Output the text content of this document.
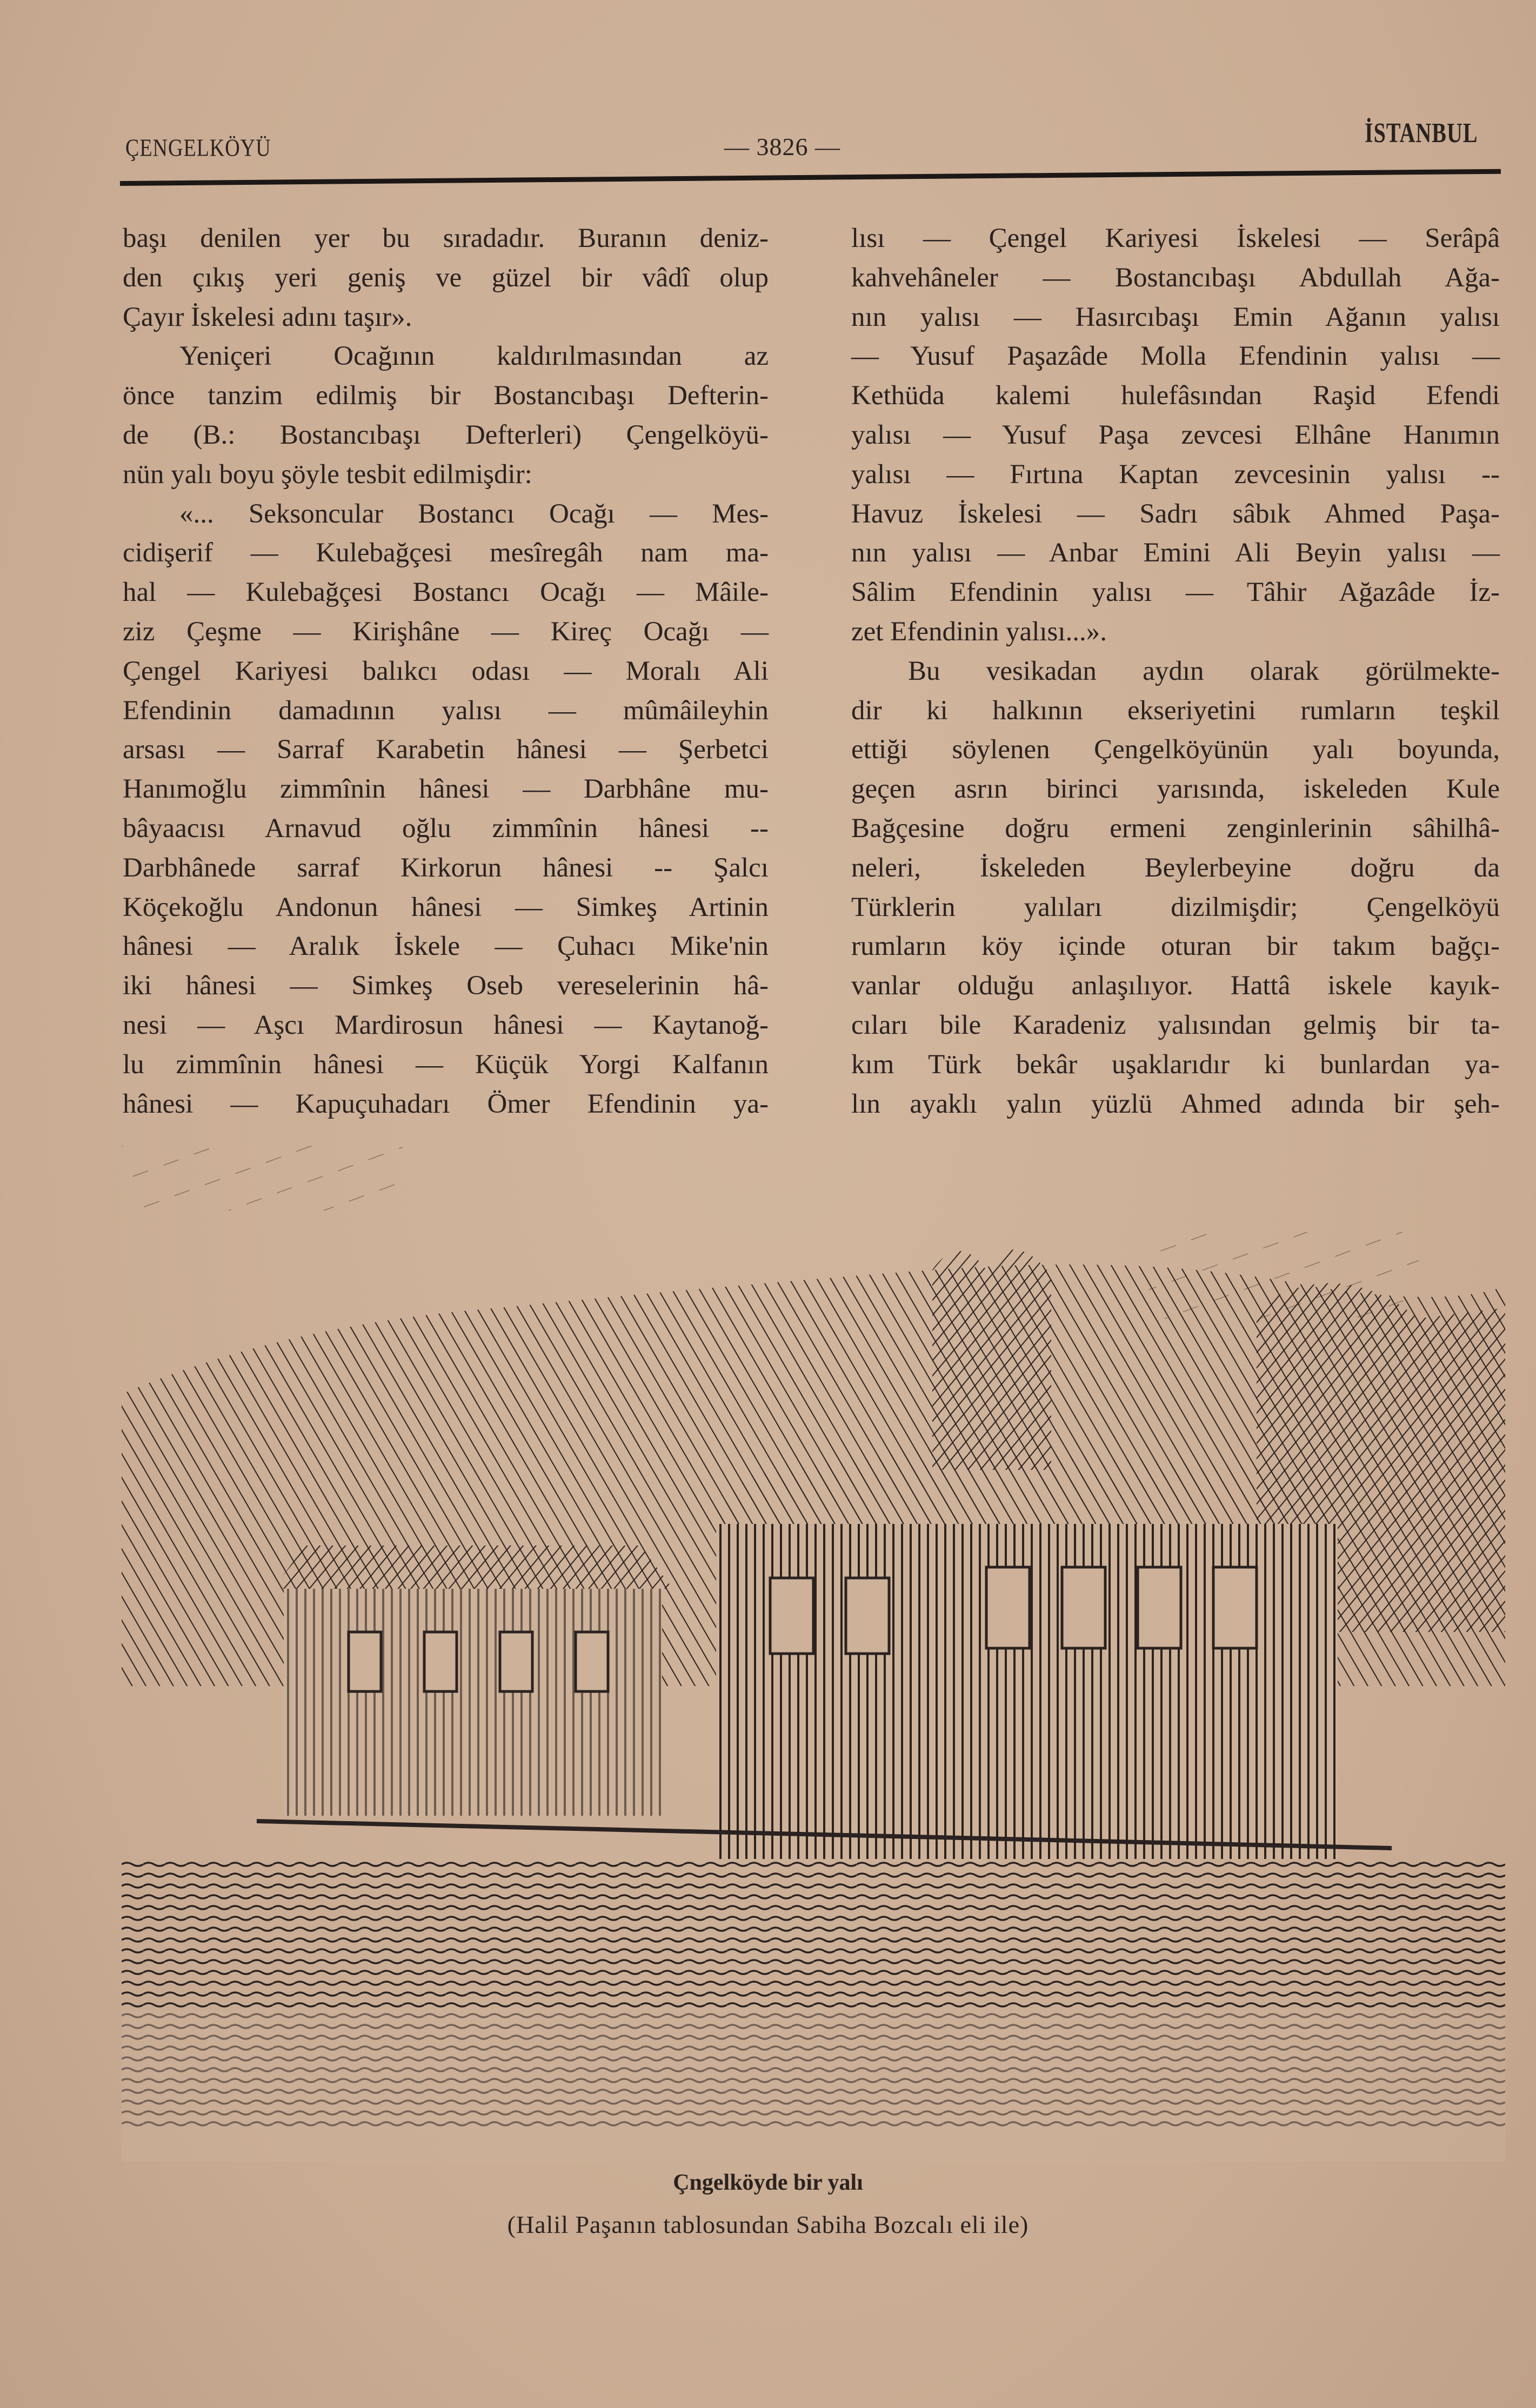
ÇENGELKÖYÜ	— 3826 —	İSTANBUL
başı denilen yer bu sıradadır. Buranın deniz-
den çıkış yeri geniş ve güzel bir vâdî olup
Çayır İskelesi adını taşır».
Yeniçeri Ocağının kaldırılmasından az
önce tanzim edilmiş bir Bostancıbaşı Defterin-
de (B.: Bostancıbaşı Defterleri) Çengelköyü-
nün yalı boyu şöyle tesbit edilmişdir:
«... Seksoncular Bostancı Ocağı — Mes-
cidişerif — Kulebağçesi mesîregâh nam ma-
hal — Kulebağçesi Bostancı Ocağı — Mâile-
ziz Çeşme — Kirişhâne — Kireç Ocağı —
Çengel Kariyesi balıkcı odası — Moralı Ali
Efendinin damadının yalısı — mûmâileyhin
arsası — Sarraf Karabetin hânesi — Şerbetci
Hanımoğlu zimmînin hânesi — Darbhâne mu-
bâyaacısı Arnavud oğlu zimmînin hânesi --
Darbhânede sarraf Kirkorun hânesi -- Şalcı
Köçekoğlu Andonun hânesi — Simkeş Artinin
hânesi — Aralık İskele — Çuhacı Mike'nin
iki hânesi — Simkeş Oseb vereselerinin hâ-
nesi — Aşcı Mardirosun hânesi — Kaytanoğ-
lu zimmînin hânesi — Küçük Yorgi Kalfanın
hânesi — Kapuçuhadarı Ömer Efendinin ya-
lısı — Çengel Kariyesi İskelesi — Serâpâ
kahvehâneler — Bostancıbaşı Abdullah Ağa-
nın yalısı — Hasırcıbaşı Emin Ağanın yalısı
— Yusuf Paşazâde Molla Efendinin yalısı —
Kethüda kalemi hulefâsından Raşid Efendi
yalısı — Yusuf Paşa zevcesi Elhâne Hanımın
yalısı — Fırtına Kaptan zevcesinin yalısı --
Havuz İskelesi — Sadrı sâbık Ahmed Paşa-
nın yalısı — Anbar Emini Ali Beyin yalısı —
Sâlim Efendinin yalısı — Tâhir Ağazâde İz-
zet Efendinin yalısı...».
Bu vesikadan aydın olarak görülmekte-
dir ki halkının ekseriyetini rumların teşkil
ettiği söylenen Çengelköyünün yalı boyunda,
geçen asrın birinci yarısında, iskeleden Kule
Bağçesine doğru ermeni zenginlerinin sâhilhâ-
neleri, İskeleden Beylerbeyine doğru da
Türklerin yalıları dizilmişdir; Çengelköyü
rumların köy içinde oturan bir takım bağçı-
vanlar olduğu anlaşılıyor. Hattâ iskele kayık-
cıları bile Karadeniz yalısından gelmiş bir ta-
kım Türk bekâr uşaklarıdır ki bunlardan ya-
lın ayaklı yalın yüzlü Ahmed adında bir şeh-
Çngelköyde bir yalı
(Halil Paşanın tablosundan Sabiha Bozcalı eli ile)
